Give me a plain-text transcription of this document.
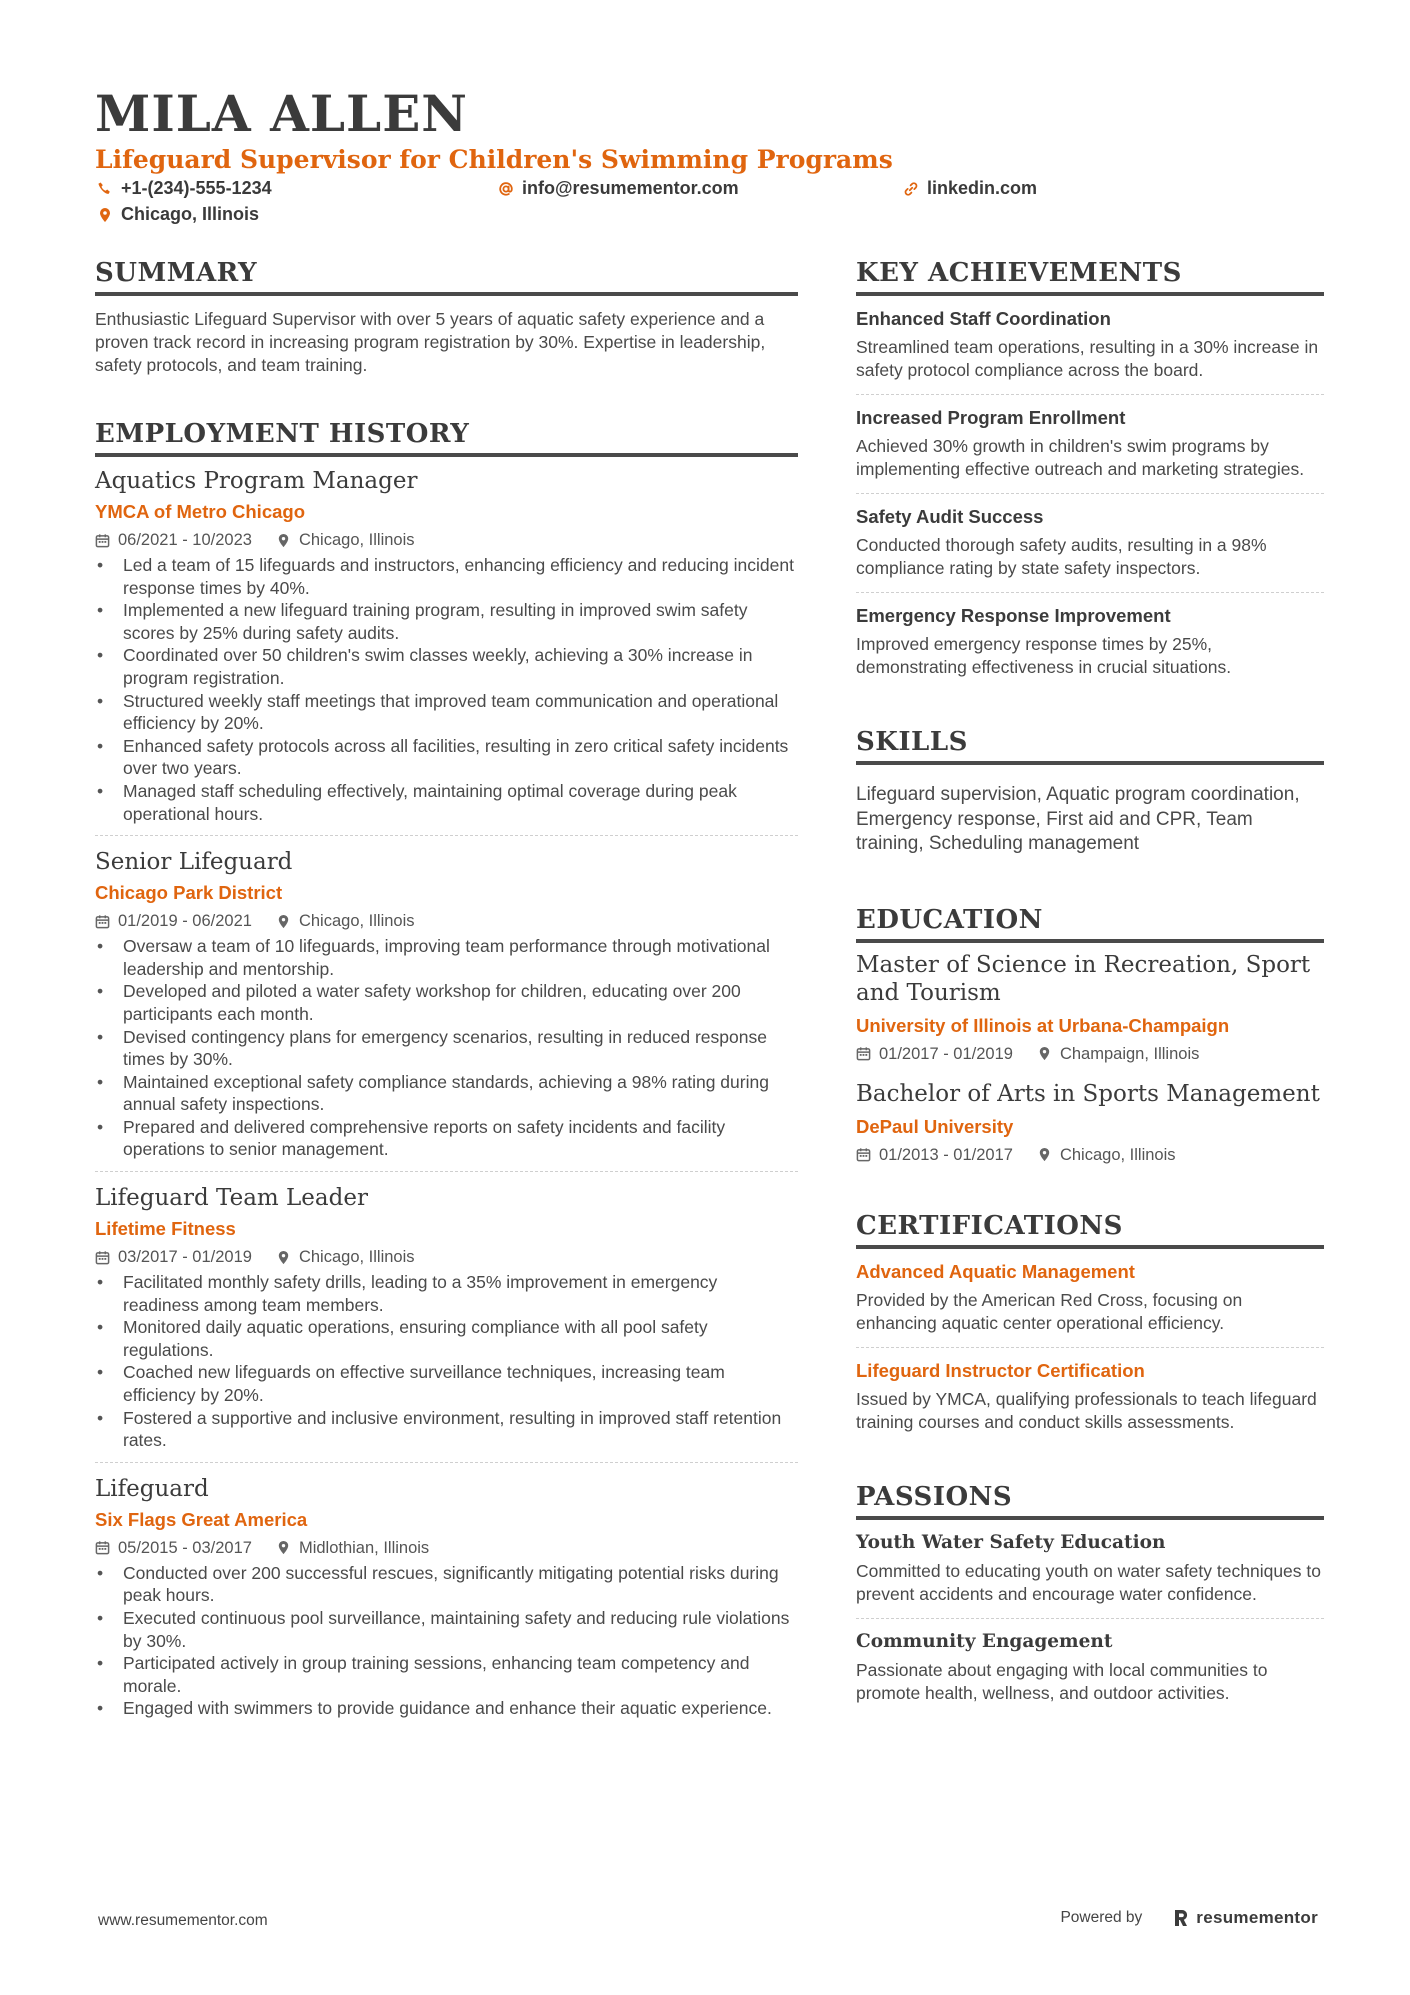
MILA ALLEN
Lifeguard Supervisor for Children's Swimming Programs
+1-(234)-555-1234	info@resumementor.com	linkedin.com
Chicago, Illinois
SUMMARY
Enthusiastic Lifeguard Supervisor with over 5 years of aquatic safety experience and a proven track record in increasing program registration by 30%. Expertise in leadership, safety protocols, and team training.
EMPLOYMENT HISTORY
Aquatics Program Manager
YMCA of Metro Chicago
06/2021 - 10/2023	Chicago, Illinois
• Led a team of 15 lifeguards and instructors, enhancing efficiency and reducing incident response times by 40%.
• Implemented a new lifeguard training program, resulting in improved swim safety scores by 25% during safety audits.
• Coordinated over 50 children's swim classes weekly, achieving a 30% increase in program registration.
• Structured weekly staff meetings that improved team communication and operational efficiency by 20%.
• Enhanced safety protocols across all facilities, resulting in zero critical safety incidents over two years.
• Managed staff scheduling effectively, maintaining optimal coverage during peak operational hours.
Senior Lifeguard
Chicago Park District
01/2019 - 06/2021	Chicago, Illinois
• Oversaw a team of 10 lifeguards, improving team performance through motivational leadership and mentorship.
• Developed and piloted a water safety workshop for children, educating over 200 participants each month.
• Devised contingency plans for emergency scenarios, resulting in reduced response times by 30%.
• Maintained exceptional safety compliance standards, achieving a 98% rating during annual safety inspections.
• Prepared and delivered comprehensive reports on safety incidents and facility operations to senior management.
Lifeguard Team Leader
Lifetime Fitness
03/2017 - 01/2019	Chicago, Illinois
• Facilitated monthly safety drills, leading to a 35% improvement in emergency readiness among team members.
• Monitored daily aquatic operations, ensuring compliance with all pool safety regulations.
• Coached new lifeguards on effective surveillance techniques, increasing team efficiency by 20%.
• Fostered a supportive and inclusive environment, resulting in improved staff retention rates.
Lifeguard
Six Flags Great America
05/2015 - 03/2017	Midlothian, Illinois
• Conducted over 200 successful rescues, significantly mitigating potential risks during peak hours.
• Executed continuous pool surveillance, maintaining safety and reducing rule violations by 30%.
• Participated actively in group training sessions, enhancing team competency and morale.
• Engaged with swimmers to provide guidance and enhance their aquatic experience.
KEY ACHIEVEMENTS
Enhanced Staff Coordination
Streamlined team operations, resulting in a 30% increase in safety protocol compliance across the board.
Increased Program Enrollment
Achieved 30% growth in children's swim programs by implementing effective outreach and marketing strategies.
Safety Audit Success
Conducted thorough safety audits, resulting in a 98% compliance rating by state safety inspectors.
Emergency Response Improvement
Improved emergency response times by 25%, demonstrating effectiveness in crucial situations.
SKILLS
Lifeguard supervision, Aquatic program coordination, Emergency response, First aid and CPR, Team training, Scheduling management
EDUCATION
Master of Science in Recreation, Sport and Tourism
University of Illinois at Urbana-Champaign
01/2017 - 01/2019	Champaign, Illinois
Bachelor of Arts in Sports Management
DePaul University
01/2013 - 01/2017	Chicago, Illinois
CERTIFICATIONS
Advanced Aquatic Management
Provided by the American Red Cross, focusing on enhancing aquatic center operational efficiency.
Lifeguard Instructor Certification
Issued by YMCA, qualifying professionals to teach lifeguard training courses and conduct skills assessments.
PASSIONS
Youth Water Safety Education
Committed to educating youth on water safety techniques to prevent accidents and encourage water confidence.
Community Engagement
Passionate about engaging with local communities to promote health, wellness, and outdoor activities.
www.resumementor.com	Powered by	resumementor
